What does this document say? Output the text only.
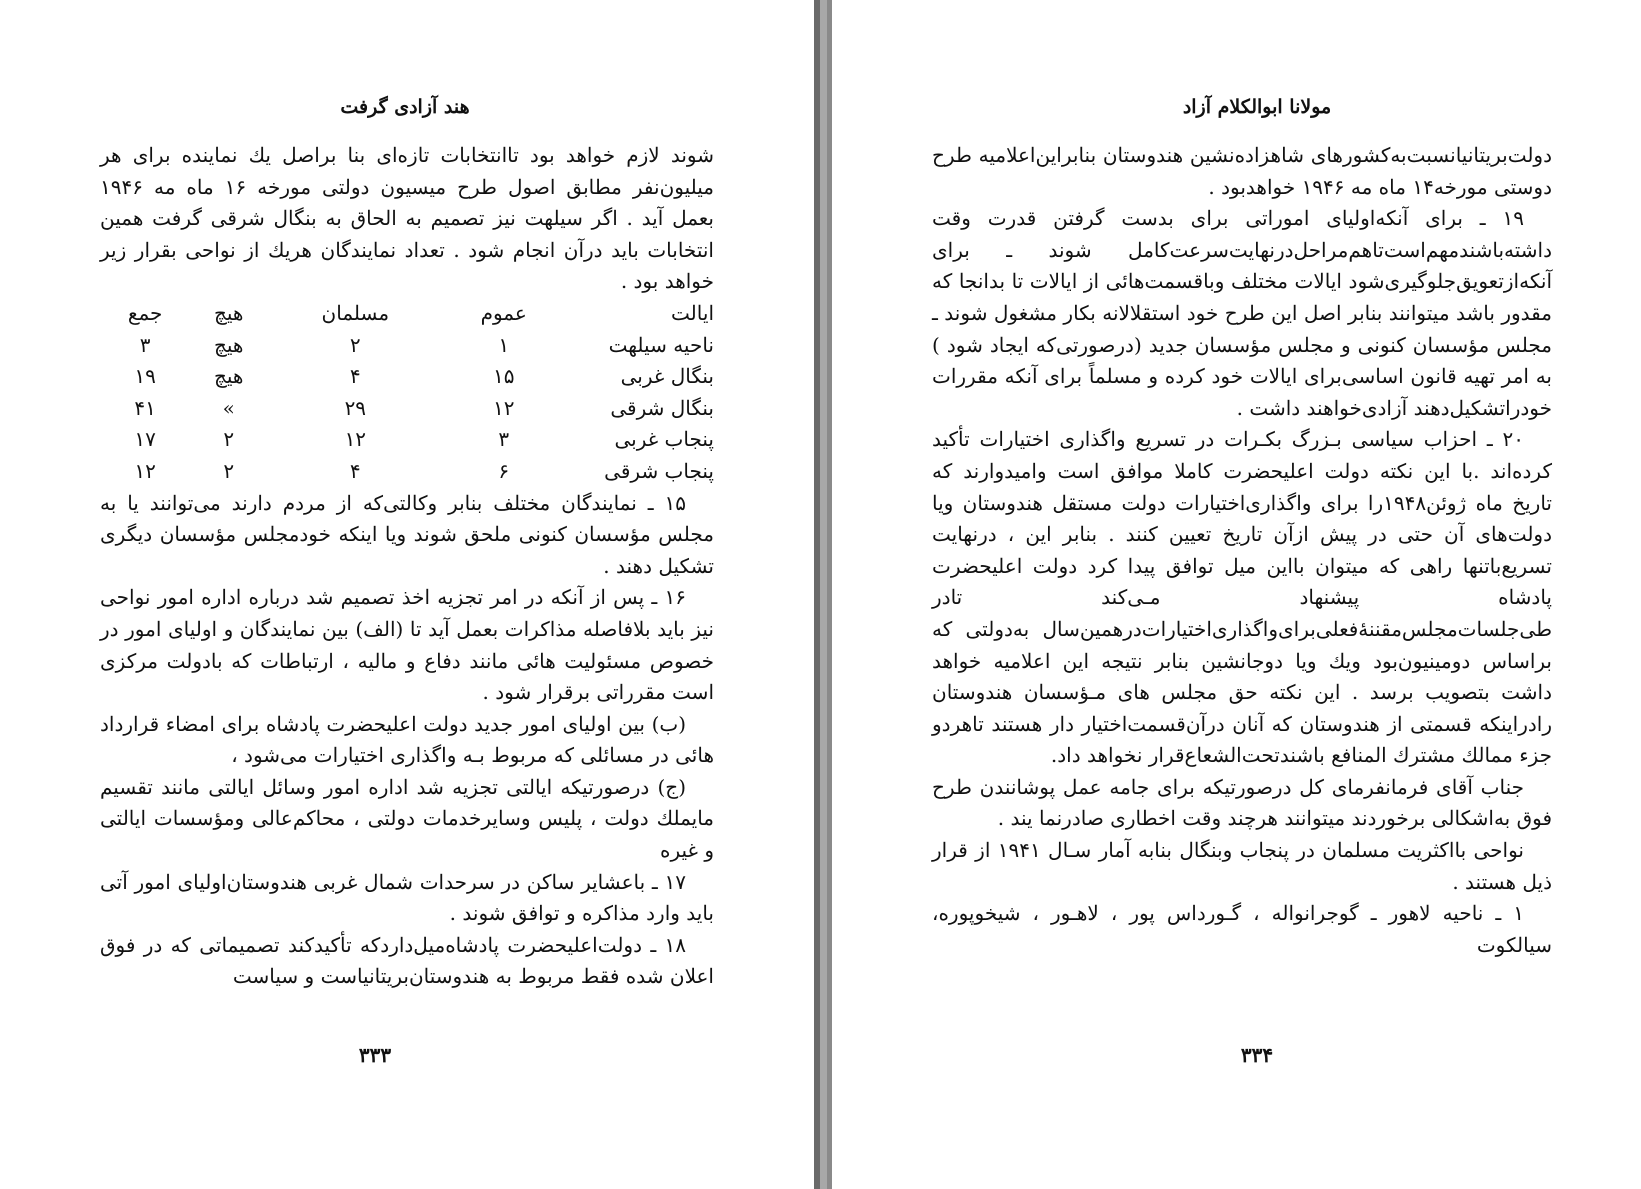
هند آزادی گرفت

شوند لازم خواهد بود تاانتخابات تازه‌ای بنا براصل یك نماینده برای هر میلیون‌نفر مطابق اصول طرح میسیون دولتی مورخه ۱۶ ماه مه ۱۹۴۶ بعمل آید . اگر سیلهت نیز تصمیم به الحاق به بنگال شرقی گرفت همین انتخابات باید درآن انجام شود . تعداد نمایندگان هریك از نواحی بقرار زیر خواهد بود .

ایالت	عموم	مسلمان	هیچ	جمع
ناحیه سیلهت	۱	۲	هیچ	۳
بنگال غربی	۱۵	۴	هیچ	۱۹
بنگال شرقی	۱۲	۲۹	»	۴۱
پنجاب غربی	۳	۱۲	۲	۱۷
پنجاب شرقی	۶	۴	۲	۱۲

۱۵ ـ نمایندگان مختلف بنابر وکالتی‌که از مردم دارند می‌توانند یا به مجلس مؤسسان کنونی ملحق شوند ویا اینکه خودمجلس مؤسسان دیگری تشکیل دهند .

۱۶ ـ پس از آنکه در امر تجزیه اخذ تصمیم شد درباره اداره امور نواحی نیز باید بلافاصله مذاکرات بعمل آید تا (الف) بین نمایندگان و اولیای امور در خصوص مسئولیت هائی مانند دفاع و مالیه ، ارتباطات که بادولت مرکزی است مقرراتی برقرار شود .

(ب) بین اولیای امور جدید دولت اعلیحضرت پادشاه برای امضاء قرارداد هائی در مسائلی که مربوط بـه واگذاری اختیارات می‌شود ،

(ج) درصورتیکه ایالتی تجزیه شد اداره امور وسائل ایالتی مانند تقسیم مایملك دولت ، پلیس وسایرخدمات دولتی ، محاکم‌عالی ومؤسسات ایالتی و غیره

۱۷ ـ باعشایر ساکن در سرحدات شمال غربی هندوستان‌اولیای امور آتی باید وارد مذاکره و توافق شوند .

۱۸ ـ دولت‌اعلیحضرت پادشاه‌میل‌دارد‌که تأکیدکند تصمیماتی که در فوق اعلان شده فقط مربوط به هندوستان‌بریتانیاست و سیاست

۳۳۳
مولانا ابوالکلام آزاد

دولت‌بریتانیانسبت‌به‌کشورهای شاهزاده‌نشین هندوستان بنابراین‌اعلامیه طرح دوستی مورخه۱۴ ماه مه ۱۹۴۶ خواهدبود .

۱۹ ـ برای آنکه‌اولیای اموراتی برای بدست گرفتن قدرت وقت داشته‌باشندمهم‌است‌تاهم‌مراحل‌درنهایت‌سرعت‌کامل شوند ـ برای آنکه‌ازتعویق‌جلوگیری‌شود ایالات مختلف وباقسمت‌هائی از ایالات تا بدانجا که مقدور باشد میتوانند بنابر اصل این طرح خود استقلالانه بکار مشغول شوند ـ مجلس مؤسسان کنونی و مجلس مؤسسان جدید (درصورتی‌که ایجاد شود ) به امر تهیه قانون اساسی‌برای ایالات خود کرده و مسلماً برای آنکه مقررات خودراتشکیل‌دهند آزادی‌خواهند داشت .

۲۰ ـ احزاب سیاسی بـزرگ بکـرات در تسریع واگذاری اختیارات تأکید کرده‌اند .با این نکته دولت اعلیحضرت کاملا موافق است وامیدوارند که تاریخ ماه ژوئن۱۹۴۸را برای واگذاری‌اختیارات دولت مستقل هندوستان ویا دولت‌های آن حتی در پیش ازآن تاریخ تعیین کنند . بنابر این ، درنهایت تسریع‌باتنها راهی که میتوان بااین میل توافق پیدا کرد دولت اعلیحضرت پادشاه پیشنهاد مـی‌کند تادر طی‌جلسات‌مجلس‌مقننهٔ‌فعلی‌برای‌واگذاری‌اختیارات‌درهمین‌سال به‌دولتی که براساس دومینیون‌بود ویك ویا دوجانشین بنابر نتیجه این اعلامیه خواهد داشت بتصویب برسد . این نکته حق مجلس های مـؤسسان هندوستان رادراینکه قسمتی از هندوستان که آنان درآن‌قسمت‌اختیار دار هستند تاهردو جزء ممالك مشترك المنافع باشندتحت‌الشعاع‌قرار نخواهد داد.

جناب آقای فرمانفرمای کل درصورتیکه برای جامه عمل پوشانندن طرح فوق به‌اشکالی برخوردند میتوانند هرچند وقت اخطاری صادرنما یند .

نواحی بااکثریت مسلمان در پنجاب وبنگال بنابه آمار سـال ۱۹۴۱ از قرار ذیل هستند .

۱ ـ ناحیه لاهور ـ گوجرانواله ، گـورداس پور ، لاهـور ، شیخوپوره، سیالکوت

۳۳۴
